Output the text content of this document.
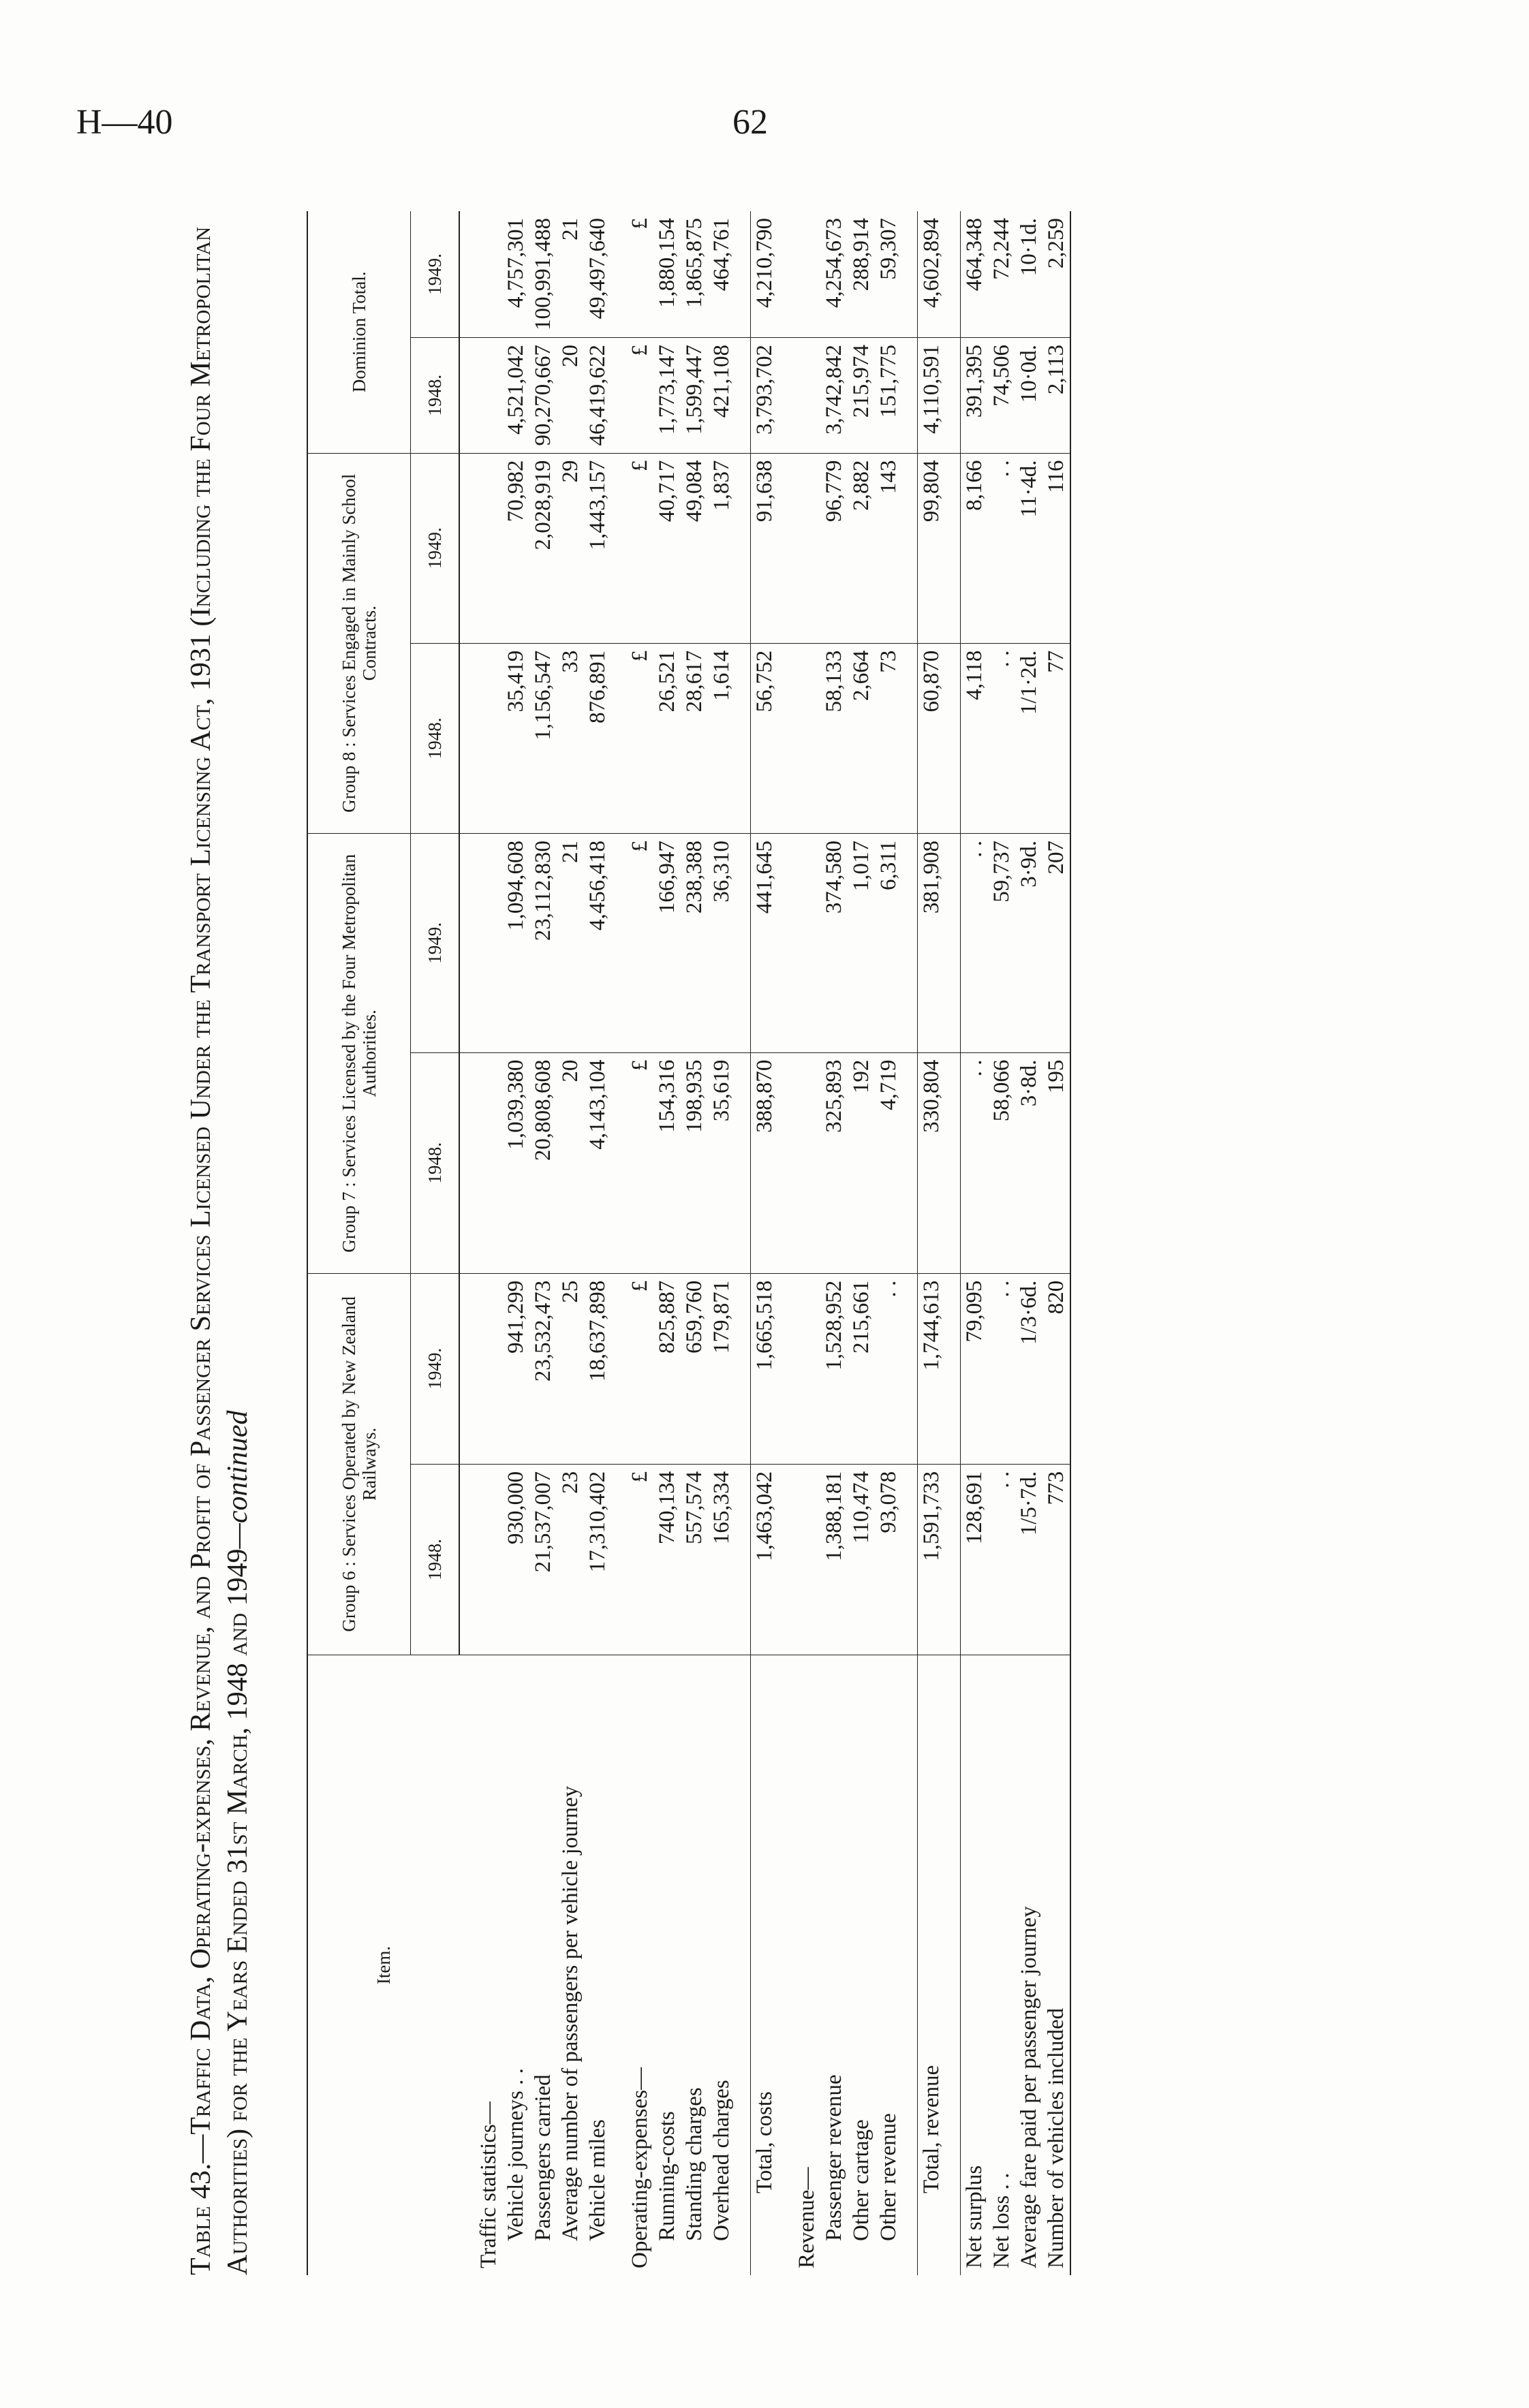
H—40	62
Table 43.—Traffic Data, Operating-expenses, Revenue, and Profit of Passenger Services Licensed Under the Transport Licensing Act, 1931 (Including the Four Metropolitan Authorities) for the Years Ended 31st March, 1948 and 1949—continued
Item.	Group 6 : Services Operated by New Zealand Railways.		Group 7 : Services Licensed by the Four Metropolitan Authorities.		Group 8 : Services Engaged in Mainly School Contracts.		Dominion Total.	
	1948.	1949.	1948.	1949.	1948.	1949.	1948.	1949.

Traffic statistics—								
Vehicle journeys . .	930,000	941,299	1,039,380	1,094,608	35,419	70,982	4,521,042	4,757,301
Passengers carried	21,537,007	23,532,473	20,808,608	23,112,830	1,156,547	2,028,919	90,270,667	100,991,488
Average number of passengers per vehicle journey	23	25	20	21	33	29	20	21
Vehicle miles	17,310,402	18,637,898	4,143,104	4,456,418	876,891	1,443,157	46,419,622	49,497,640

Operating-expenses—	£	£	£	£	£	£	£	£
Running-costs	740,134	825,887	154,316	166,947	26,521	40,717	1,773,147	1,880,154
Standing charges	557,574	659,760	198,935	238,388	28,617	49,084	1,599,447	1,865,875
Overhead charges	165,334	179,871	35,619	36,310	1,614	1,837	421,108	464,761

Total, costs	1,463,042	1,665,518	388,870	441,645	56,752	91,638	3,793,702	4,210,790

Revenue—								
Passenger revenue	1,388,181	1,528,952	325,893	374,580	58,133	96,779	3,742,842	4,254,673
Other cartage	110,474	215,661	192	1,017	2,664	2,882	215,974	288,914
Other revenue	93,078	. .	4,719	6,311	73	143	151,775	59,307

Total, revenue	1,591,733	1,744,613	330,804	381,908	60,870	99,804	4,110,591	4,602,894

Net surplus	128,691	79,095	. .	. .	4,118	8,166	391,395	464,348
Net loss . .	. .	. .	58,066	59,737	. .	. .	74,506	72,244
Average fare paid per passenger journey	1/5·7d.	1/3·6d.	3·8d.	3·9d.	1/1·2d.	11·4d.	10·0d.	10·1d.
Number of vehicles included	773	820	195	207	77	116	2,113	2,259
